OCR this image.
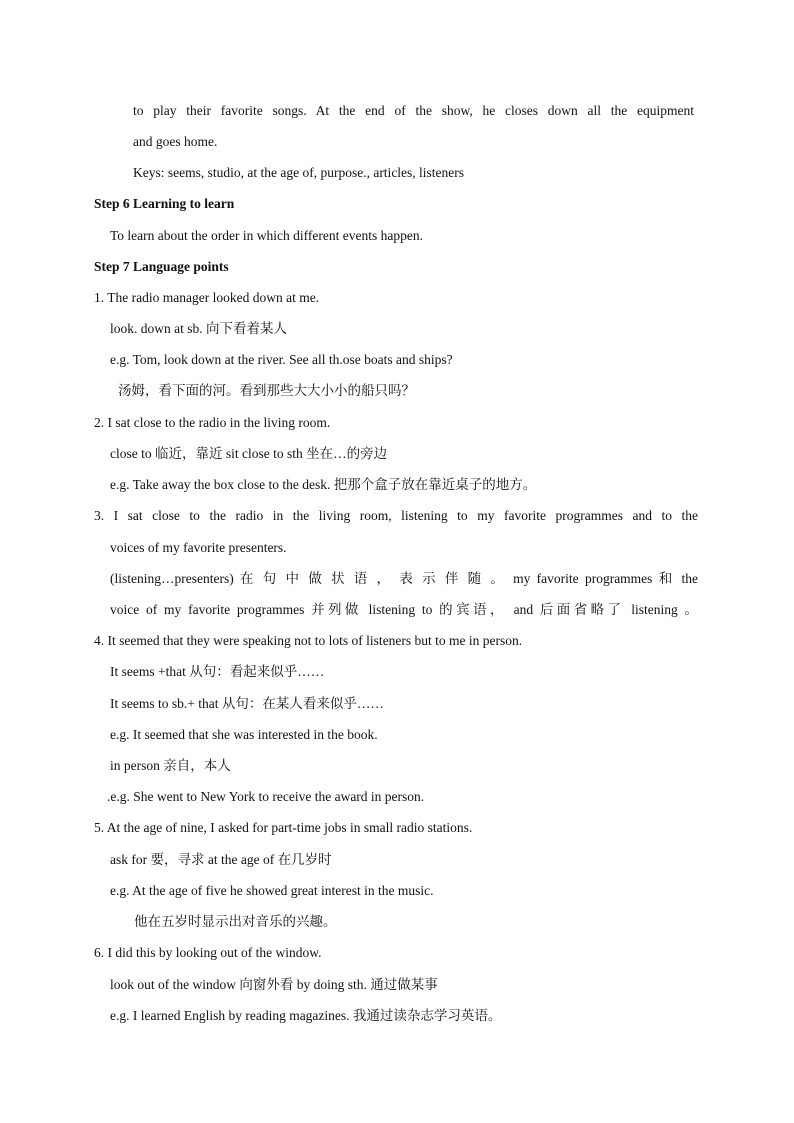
to play their favorite songs. At the end of the show, he closes down all the equipment
and goes home.
Keys: seems, studio, at the age of, purpose., articles, listeners
Step 6 Learning to learn
To learn about the order in which different events happen.
Step 7 Language points
1. The radio manager looked down at me.
look. down at sb. 向下看着某人
e.g. Tom, look down at the river. See all th.ose boats and ships?
汤姆，看下面的河。看到那些大大小小的船只吗？
2. I sat close to the radio in the living room.
close to 临近，靠近 sit close to sth 坐在…的旁边
e.g. Take away the box close to the desk. 把那个盒子放在靠近桌子的地方。
3. I sat close to the radio in the living room, listening to my favorite programmes and to the
voices of my favorite presenters.
(listening…presenters) 在 句 中 做 状 语 ， 表 示 伴 随 。 my favorite programmes 和 the
voice of my favorite programmes 并列做 listening to 的宾语， and 后面省略了 listening 。
4. It seemed that they were speaking not to lots of listeners but to me in person.
It seems +that 从句：看起来似乎……
It seems to sb.+ that 从句：在某人看来似乎……
e.g. It seemed that she was interested in the book.
in person 亲自，本人
.e.g. She went to New York to receive the award in person.
5. At the age of nine, I asked for part-time jobs in small radio stations.
ask for 要，寻求 at the age of 在几岁时
e.g. At the age of five he showed great interest in the music.
他在五岁时显示出对音乐的兴趣。
6. I did this by looking out of the window.
look out of the window 向窗外看 by doing sth. 通过做某事
e.g. I learned English by reading magazines. 我通过读杂志学习英语。
